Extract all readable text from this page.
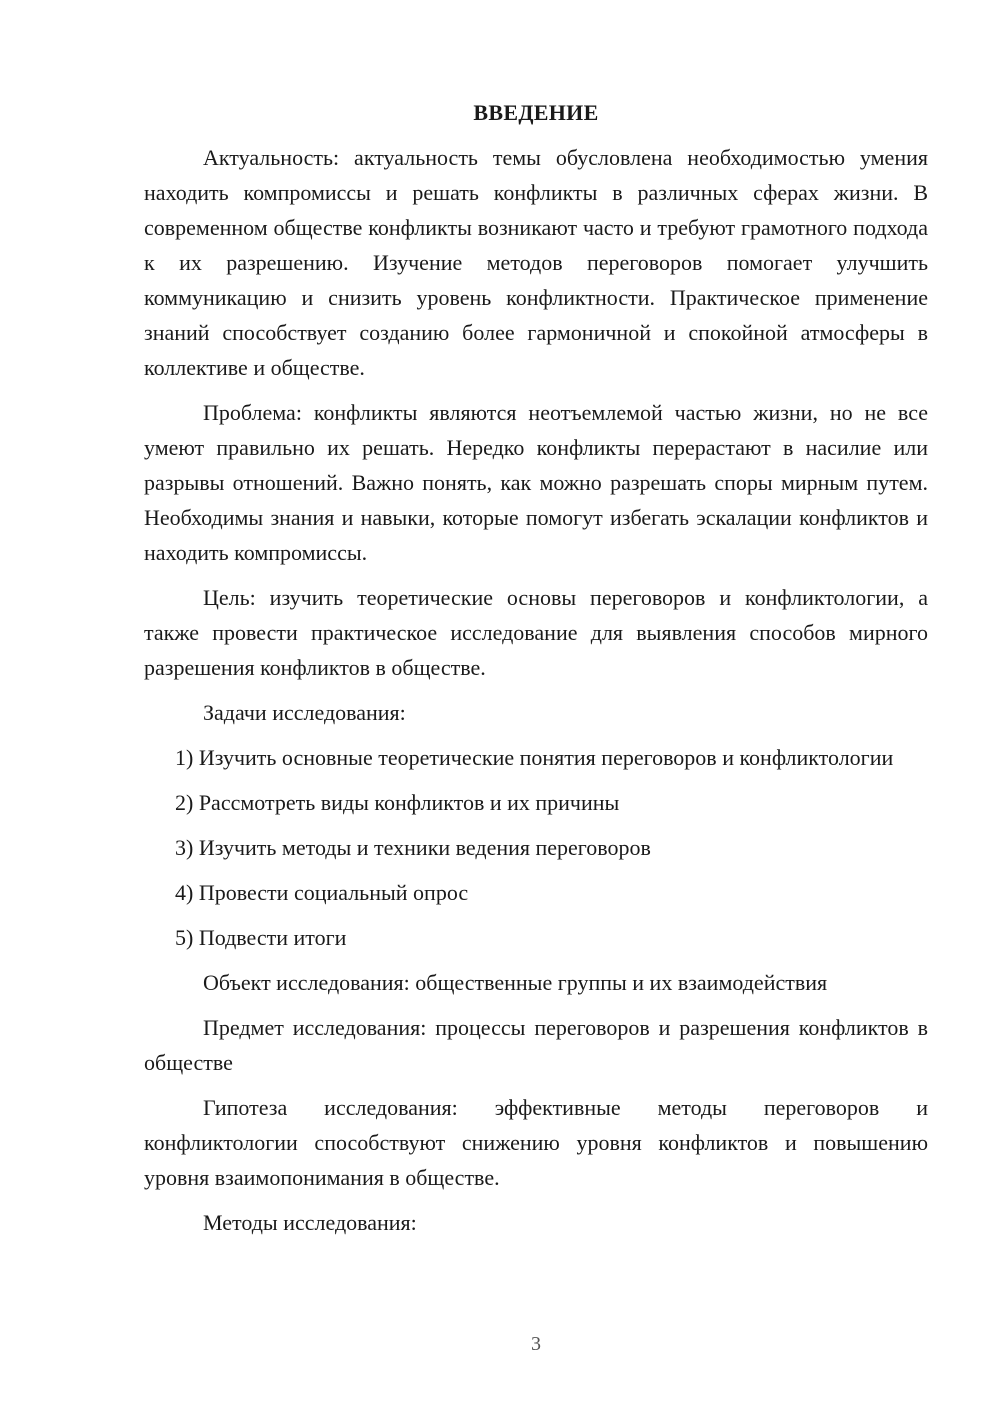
ВВЕДЕНИЕ

Актуальность: актуальность темы обусловлена необходимостью умения находить компромиссы и решать конфликты в различных сферах жизни. В современном обществе конфликты возникают часто и требуют грамотного подхода к их разрешению. Изучение методов переговоров помогает улучшить коммуникацию и снизить уровень конфликтности. Практическое применение знаний способствует созданию более гармоничной и спокойной атмосферы в коллективе и обществе.

Проблема: конфликты являются неотъемлемой частью жизни, но не все умеют правильно их решать. Нередко конфликты перерастают в насилие или разрывы отношений. Важно понять, как можно разрешать споры мирным путем. Необходимы знания и навыки, которые помогут избегать эскалации конфликтов и находить компромиссы.

Цель: изучить теоретические основы переговоров и конфликтологии, а также провести практическое исследование для выявления способов мирного разрешения конфликтов в обществе.

Задачи исследования:

1) Изучить основные теоретические понятия переговоров и конфликтологии

2) Рассмотреть виды конфликтов и их причины

3) Изучить методы и техники ведения переговоров

4) Провести социальный опрос

5) Подвести итоги

Объект исследования: общественные группы и их взаимодействия

Предмет исследования: процессы переговоров и разрешения конфликтов в обществе

Гипотеза исследования: эффективные методы переговоров и конфликтологии способствуют снижению уровня конфликтов и повышению уровня взаимопонимания в обществе.

Методы исследования:

3
